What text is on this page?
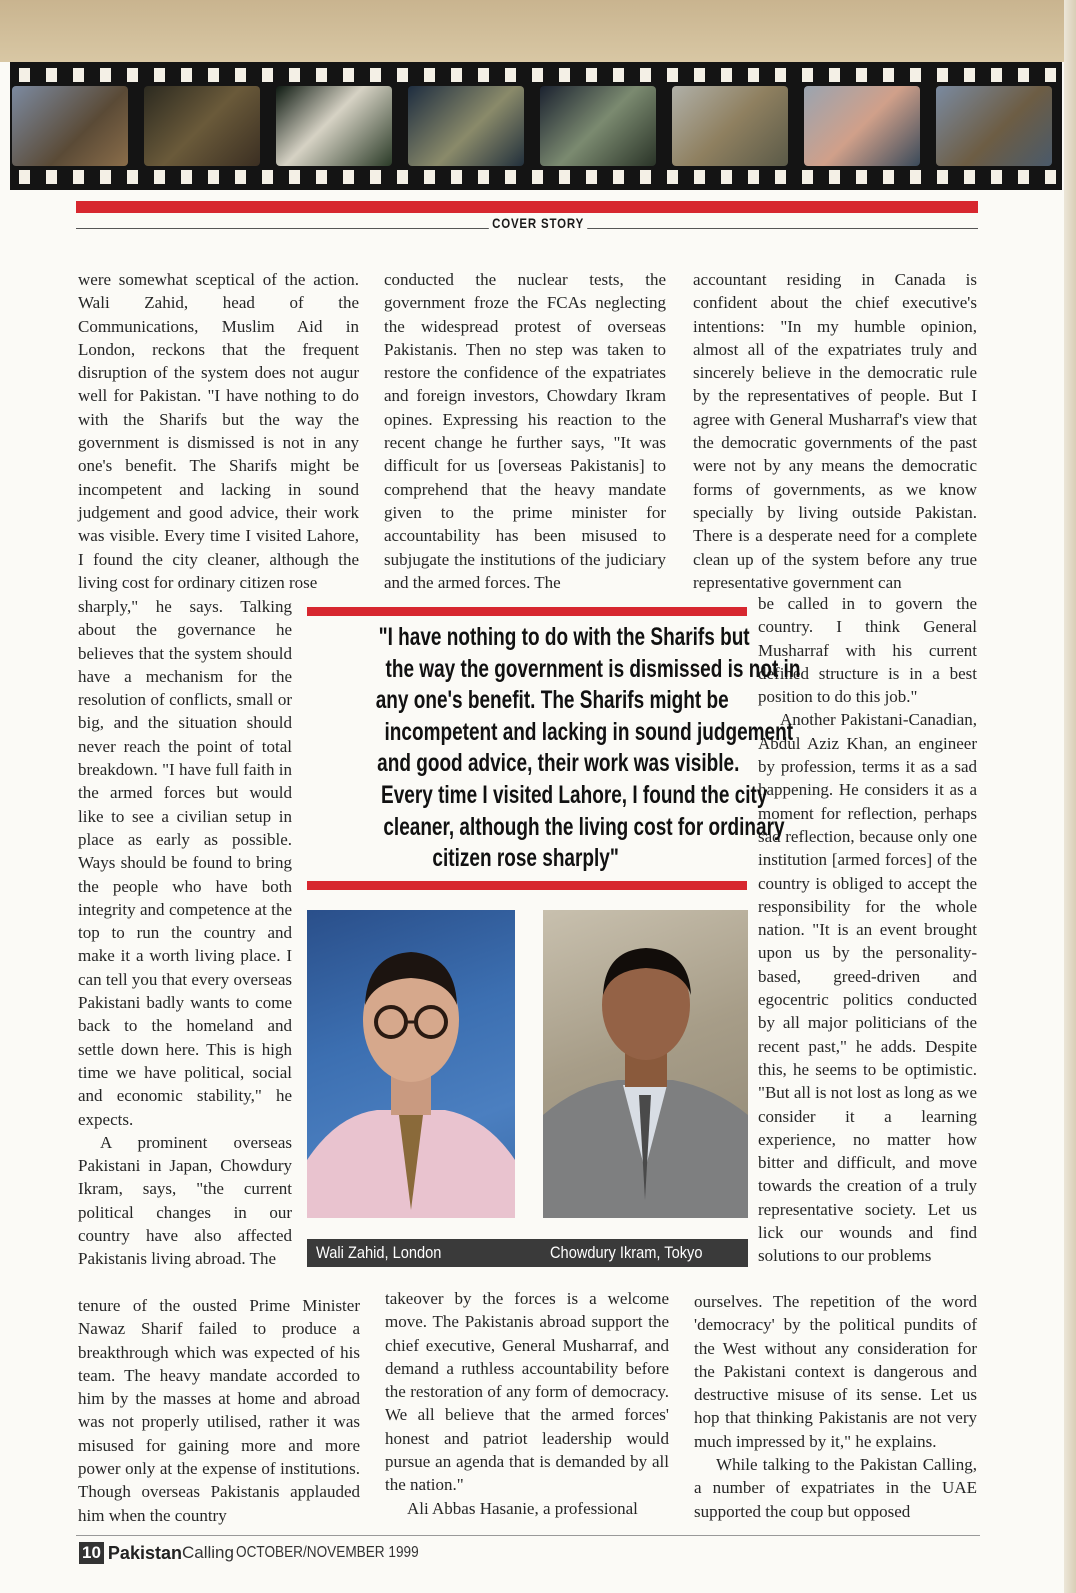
COVER STORY

were somewhat sceptical of the action. Wali Zahid, head of the Communications, Muslim Aid in London, reckons that the frequent disruption of the system does not augur well for Pakistan. "I have nothing to do with the Sharifs but the way the government is dismissed is not in any one's benefit. The Sharifs might be incompetent and lacking in sound judgement and good advice, their work was visible. Every time I visited Lahore, I found the city cleaner, although the living cost for ordinary citizen rose

sharply," he says. Talking about the governance he believes that the system should have a mechanism for the resolution of conflicts, small or big, and the situation should never reach the point of total breakdown. "I have full faith in the armed forces but would like to see a civilian setup in place as early as possible. Ways should be found to bring the people who have both integrity and competence at the top to run the country and make it a worth living place. I can tell you that every overseas Pakistani badly wants to come back to the homeland and settle down here. This is high time we have political, social and economic stability," he expects.

A prominent overseas Pakistani in Japan, Chowdury Ikram, says, "the current political changes in our country have also affected Pakistanis living abroad. The

tenure of the ousted Prime Minister Nawaz Sharif failed to produce a breakthrough which was expected of his team. The heavy mandate accorded to him by the masses at home and abroad was not properly utilised, rather it was misused for gaining more and more power only at the expense of institutions. Though overseas Pakistanis applauded him when the country

conducted the nuclear tests, the government froze the FCAs neglecting the widespread protest of overseas Pakistanis. Then no step was taken to restore the confidence of the expatriates and foreign investors, Chowdary Ikram opines. Expressing his reaction to the recent change he further says, "It was difficult for us [overseas Pakistanis] to comprehend that the heavy mandate given to the prime minister for accountability has been misused to subjugate the institutions of the judiciary and the armed forces. The

takeover by the forces is a welcome move. The Pakistanis abroad support the chief executive, General Musharraf, and demand a ruthless accountability before the restoration of any form of democracy. We all believe that the armed forces' honest and patriot leadership would pursue an agenda that is demanded by all the nation."

Ali Abbas Hasanie, a professional

accountant residing in Canada is confident about the chief executive's intentions: "In my humble opinion, almost all of the expatriates truly and sincerely believe in the democratic rule by the representatives of people. But I agree with General Musharraf's view that the democratic governments of the past were not by any means the democratic forms of governments, as we know specially by living outside Pakistan. There is a desperate need for a complete clean up of the system before any true representative government can

be called in to govern the country. I think General Musharraf with his current defined structure is in a best position to do this job."

Another Pakistani-Canadian, Abdul Aziz Khan, an engineer by profession, terms it as a sad happening. He considers it as a moment for reflection, perhaps sad reflection, because only one institution [armed forces] of the country is obliged to accept the responsibility for the whole nation. "It is an event brought upon us by the personality-based, greed-driven and egocentric politics conducted by all major politicians of the recent past," he adds. Despite this, he seems to be optimistic. "But all is not lost as long as we consider it a learning experience, no matter how bitter and difficult, and move towards the creation of a truly representative society. Let us lick our wounds and find solutions to our problems

ourselves. The repetition of the word 'democracy' by the political pundits of the West without any consideration for the Pakistani context is dangerous and destructive misuse of its sense. Let us hop that thinking Pakistanis are not very much impressed by it," he explains.

While talking to the Pakistan Calling, a number of expatriates in the UAE supported the coup but opposed

"I have nothing to do with the Sharifs but
the way the government is dismissed is not in
any one's benefit. The Sharifs might be
incompetent and lacking in sound judgement
and good advice, their work was visible.
Every time I visited Lahore, I found the city
cleaner, although the living cost for ordinary
citizen rose sharply"
Wali Zahid, London	Chowdury Ikram, Tokyo
10 Pakistan Calling OCTOBER/NOVEMBER 1999
